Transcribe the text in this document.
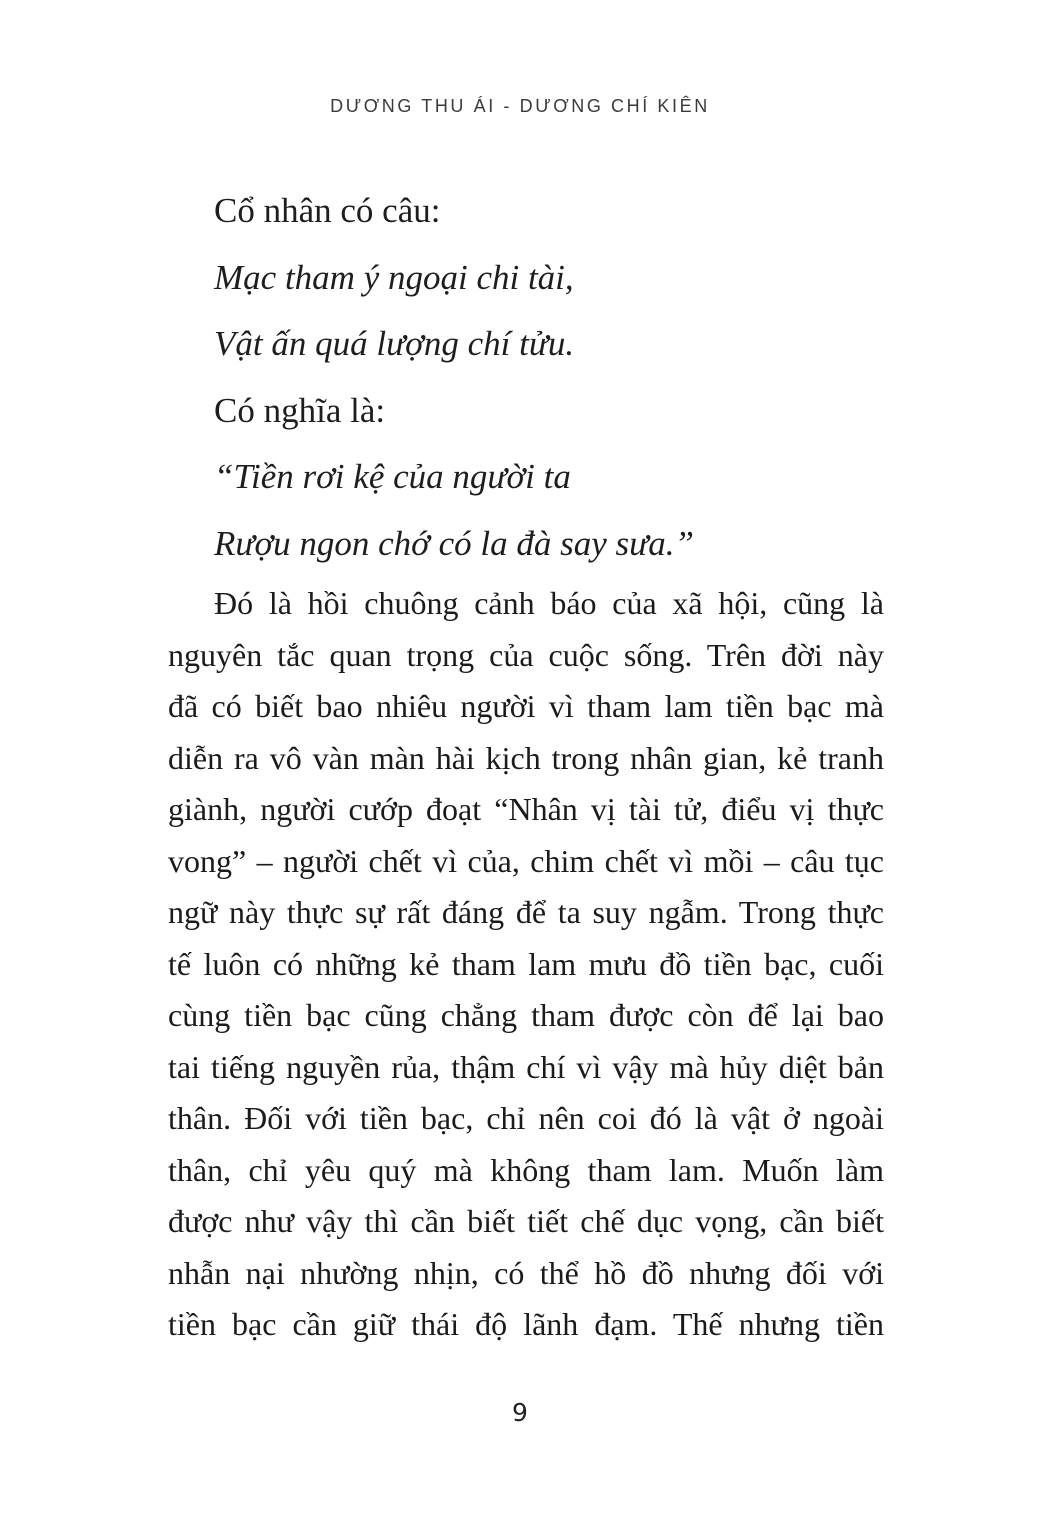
DƯƠNG THU ÁI - DƯƠNG CHÍ KIÊN
Cổ nhân có câu:
Mạc tham ý ngoại chi tài,
Vật ấn quá lượng chí tửu.
Có nghĩa là:
“Tiền rơi kệ của người ta
Rượu ngon chớ có la đà say sưa.”
Đó là hồi chuông cảnh báo của xã hội, cũng là
nguyên tắc quan trọng của cuộc sống. Trên đời này
đã có biết bao nhiêu người vì tham lam tiền bạc mà
diễn ra vô vàn màn hài kịch trong nhân gian, kẻ tranh
giành, người cướp đoạt “Nhân vị tài tử, điểu vị thực
vong” – người chết vì của, chim chết vì mồi – câu tục
ngữ này thực sự rất đáng để ta suy ngẫm. Trong thực
tế luôn có những kẻ tham lam mưu đồ tiền bạc, cuối
cùng tiền bạc cũng chẳng tham được còn để lại bao
tai tiếng nguyền rủa, thậm chí vì vậy mà hủy diệt bản
thân. Đối với tiền bạc, chỉ nên coi đó là vật ở ngoài
thân, chỉ yêu quý mà không tham lam. Muốn làm
được như vậy thì cần biết tiết chế dục vọng, cần biết
nhẫn nại nhường nhịn, có thể hồ đồ nhưng đối với
tiền bạc cần giữ thái độ lãnh đạm. Thế nhưng tiền
9
